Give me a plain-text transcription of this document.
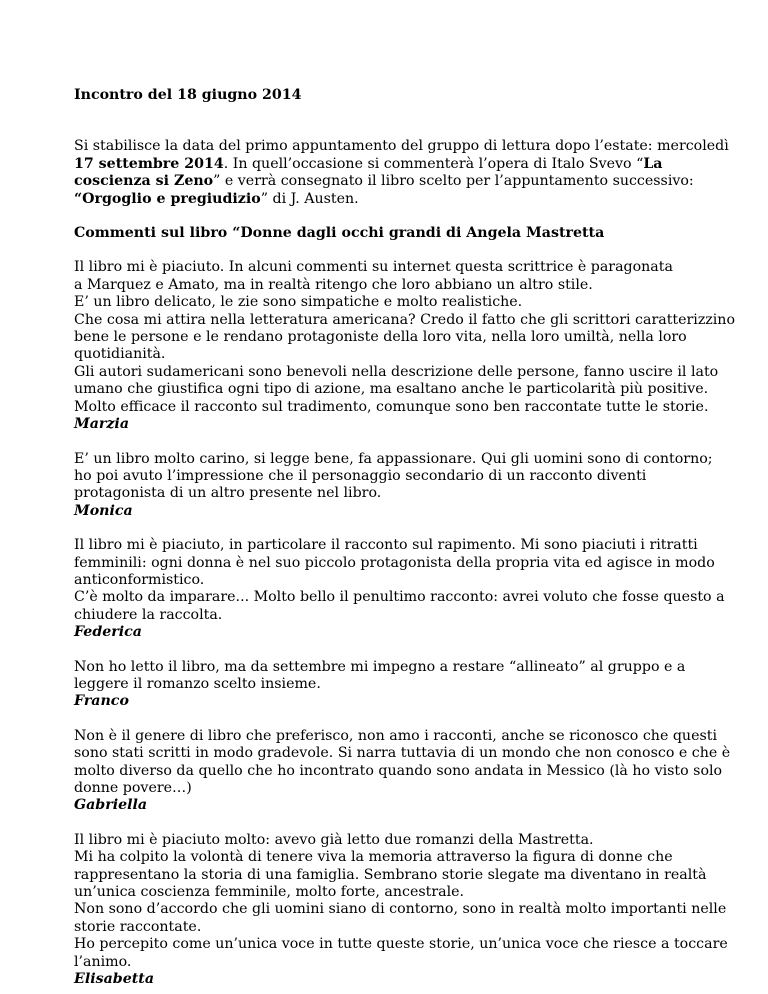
Incontro del 18 giugno 2014

Si stabilisce la data del primo appuntamento del gruppo di lettura dopo l’estate: mercoledì
17 settembre 2014. In quell’occasione si commenterà l’opera di Italo Svevo “La
coscienza si Zeno” e verrà consegnato il libro scelto per l’appuntamento successivo:
“Orgoglio e pregiudizio” di J. Austen.

Commenti sul libro “Donne dagli occhi grandi di Angela Mastretta

Il libro mi è piaciuto. In alcuni commenti su internet questa scrittrice è paragonata
a Marquez e Amato, ma in realtà ritengo che loro abbiano un altro stile.
E’ un libro delicato, le zie sono simpatiche e molto realistiche.
Che cosa mi attira nella letteratura americana? Credo il fatto che gli scrittori caratterizzino
bene le persone e le rendano protagoniste della loro vita, nella loro umiltà, nella loro
quotidianità.
Gli autori sudamericani sono benevoli nella descrizione delle persone, fanno uscire il lato
umano che giustifica ogni tipo di azione, ma esaltano anche le particolarità più positive.
Molto efficace il racconto sul tradimento, comunque sono ben raccontate tutte le storie.
Marzia
E’ un libro molto carino, si legge bene, fa appassionare. Qui gli uomini sono di contorno;
ho poi avuto l’impressione che il personaggio secondario di un racconto diventi
protagonista di un altro presente nel libro.
Monica
Il libro mi è piaciuto, in particolare il racconto sul rapimento. Mi sono piaciuti i ritratti
femminili: ogni donna è nel suo piccolo protagonista della propria vita ed agisce in modo
anticonformistico.
C’è molto da imparare... Molto bello il penultimo racconto: avrei voluto che fosse questo a
chiudere la raccolta.
Federica
Non ho letto il libro, ma da settembre mi impegno a restare “allineato” al gruppo e a
leggere il romanzo scelto insieme.
Franco
Non è il genere di libro che preferisco, non amo i racconti, anche se riconosco che questi
sono stati scritti in modo gradevole. Si narra tuttavia di un mondo che non conosco e che è
molto diverso da quello che ho incontrato quando sono andata in Messico (là ho visto solo
donne povere…)
Gabriella
Il libro mi è piaciuto molto: avevo già letto due romanzi della Mastretta.
Mi ha colpito la volontà di tenere viva la memoria attraverso la figura di donne che
rappresentano la storia di una famiglia. Sembrano storie slegate ma diventano in realtà
un’unica coscienza femminile, molto forte, ancestrale.
Non sono d’accordo che gli uomini siano di contorno, sono in realtà molto importanti nelle
storie raccontate.
Ho percepito come un’unica voce in tutte queste storie, un’unica voce che riesce a toccare
l’animo.
Elisabetta
